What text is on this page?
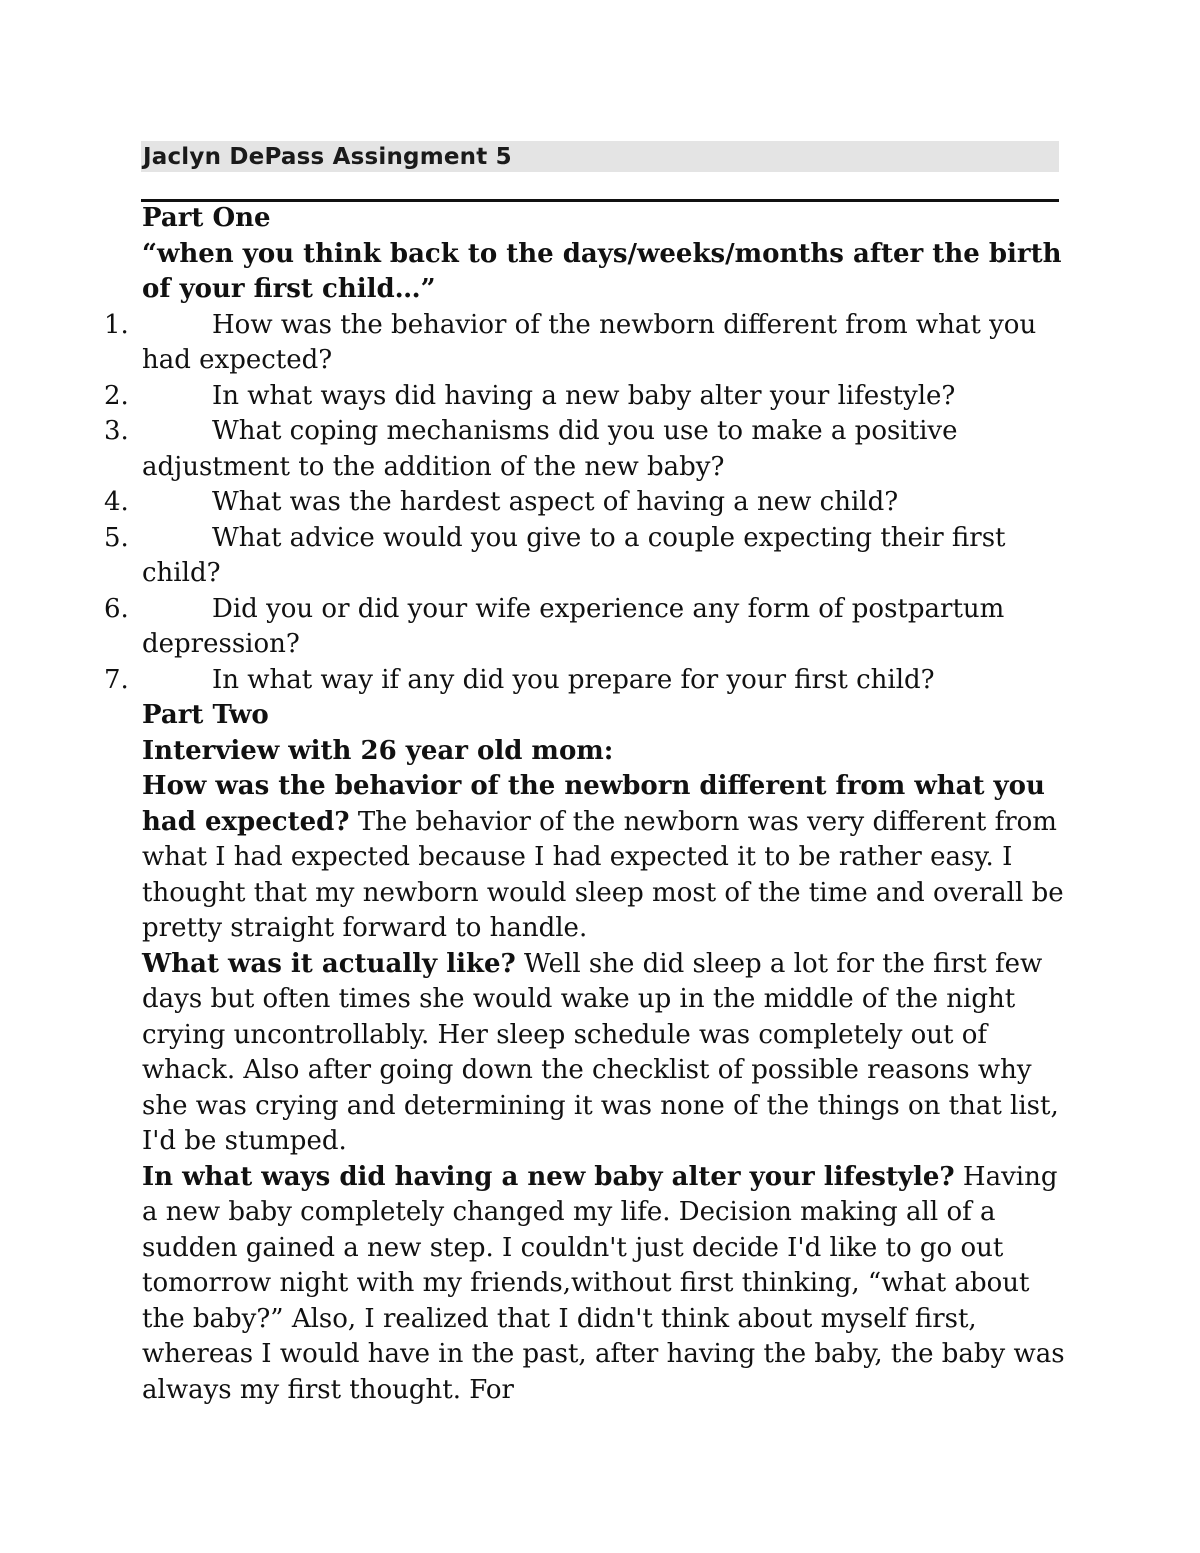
Jaclyn DePass Assingment 5

Part One

“when you think back to the days/weeks/months after the birth of your first child…”

1.	How was the behavior of the newborn different from what you had expected?
2.	In what ways did having a new baby alter your lifestyle?
3.	What coping mechanisms did you use to make a positive adjustment to the addition of the new baby?
4.	What was the hardest aspect of having a new child?
5.	What advice would you give to a couple expecting their first child?
6.	Did you or did your wife experience any form of postpartum depression?
7.	In what way if any did you prepare for your first child?

Part Two

Interview with 26 year old mom:

How was the behavior of the newborn different from what you had expected? The behavior of the newborn was very different from what I had expected because I had expected it to be rather easy. I thought that my newborn would sleep most of the time and overall be pretty straight forward to handle.

What was it actually like? Well she did sleep a lot for the first few days but often times she would wake up in the middle of the night crying uncontrollably. Her sleep schedule was completely out of whack. Also after going down the checklist of possible reasons why she was crying and determining it was none of the things on that list, I'd be stumped.

In what ways did having a new baby alter your lifestyle? Having a new baby completely changed my life. Decision making all of a sudden gained a new step. I couldn't just decide I'd like to go out tomorrow night with my friends,without first thinking, “what about the baby?” Also, I realized that I didn't think about myself first, whereas I would have in the past, after having the baby, the baby was always my first thought. For
